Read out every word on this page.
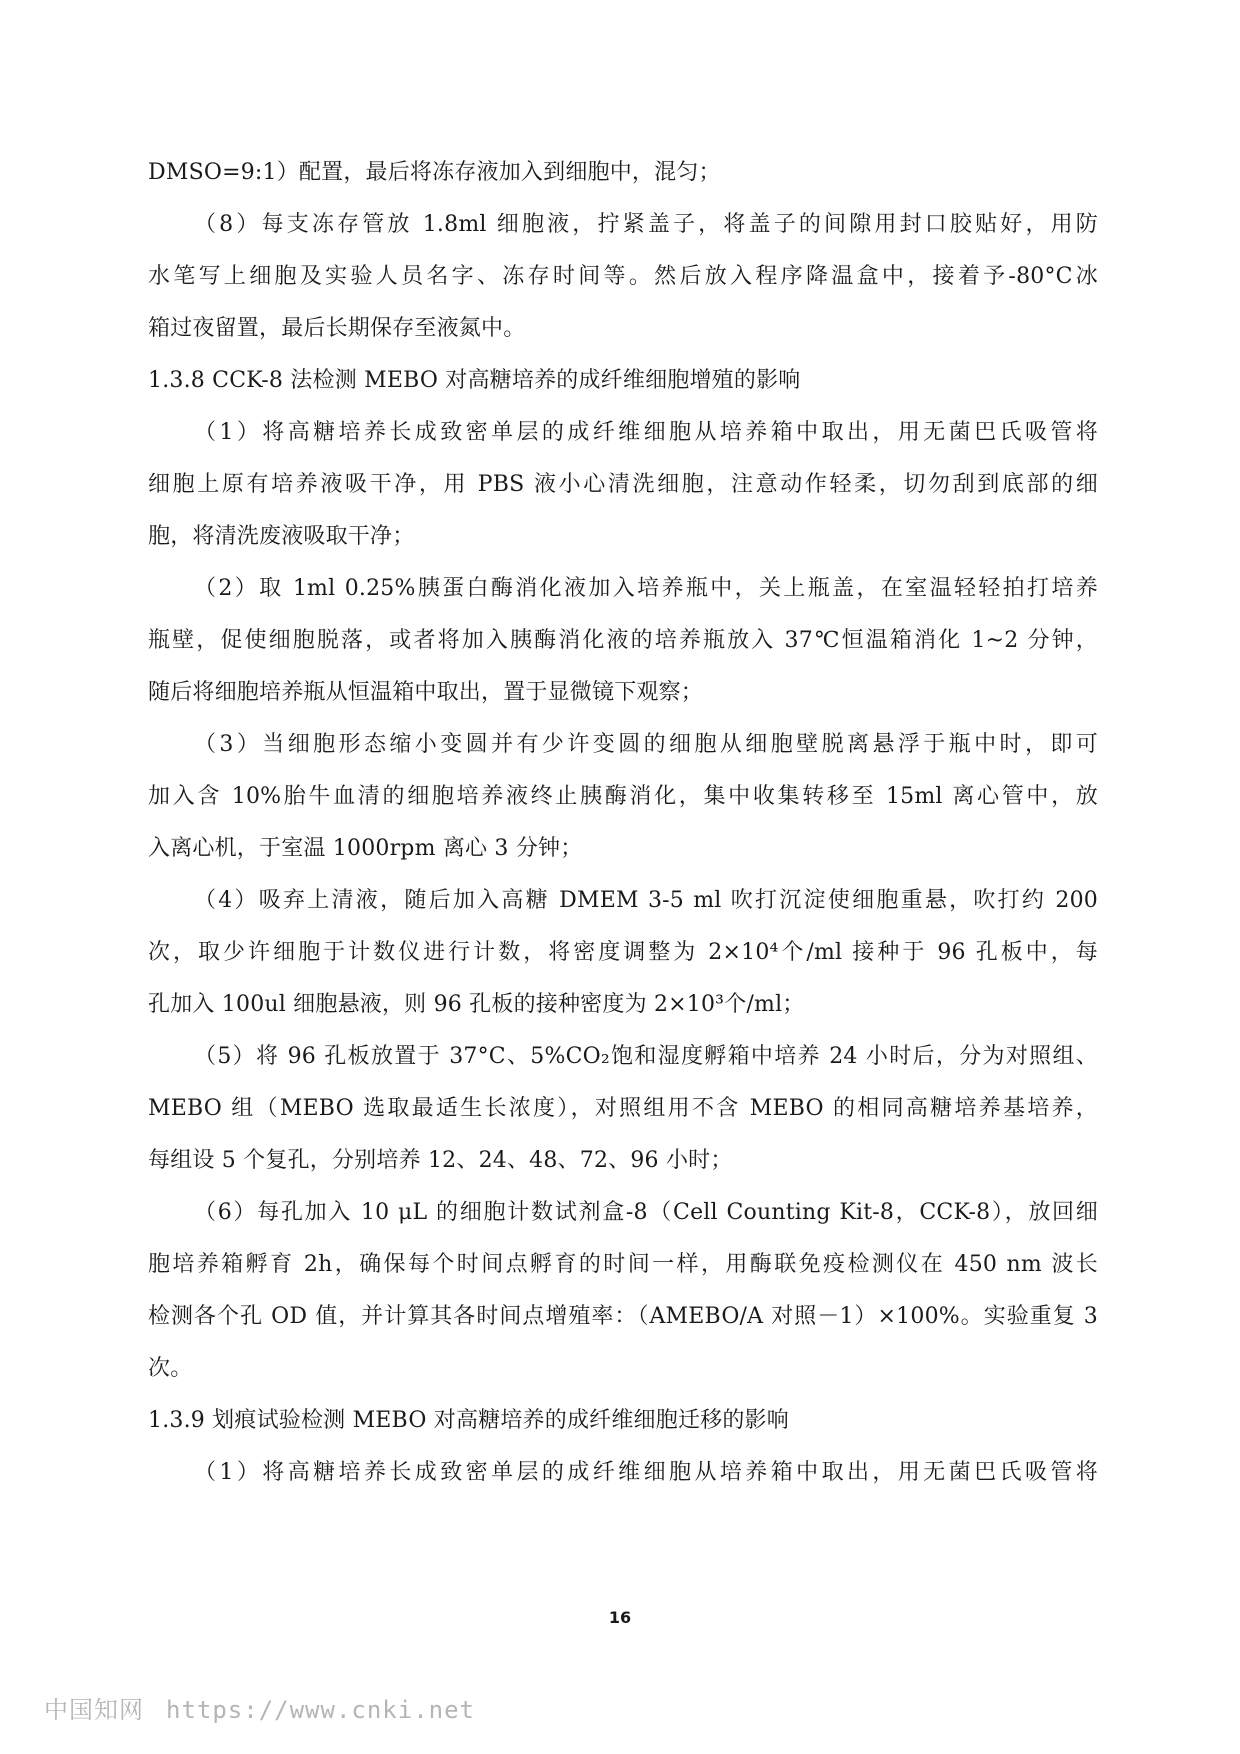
DMSO=9:1）配置，最后将冻存液加入到细胞中，混匀；
（8）每支冻存管放 1.8ml 细胞液，拧紧盖子，将盖子的间隙用封口胶贴好，用防
水笔写上细胞及实验人员名字、冻存时间等。然后放入程序降温盒中，接着予-80°C冰
箱过夜留置，最后长期保存至液氮中。
1.3.8 CCK-8 法检测 MEBO 对高糖培养的成纤维细胞增殖的影响
（1）将高糖培养长成致密单层的成纤维细胞从培养箱中取出，用无菌巴氏吸管将
细胞上原有培养液吸干净，用 PBS 液小心清洗细胞，注意动作轻柔，切勿刮到底部的细
胞，将清洗废液吸取干净；
（2）取 1ml 0.25%胰蛋白酶消化液加入培养瓶中，关上瓶盖，在室温轻轻拍打培养
瓶壁，促使细胞脱落，或者将加入胰酶消化液的培养瓶放入 37℃恒温箱消化 1~2 分钟，
随后将细胞培养瓶从恒温箱中取出，置于显微镜下观察；
（3）当细胞形态缩小变圆并有少许变圆的细胞从细胞壁脱离悬浮于瓶中时，即可
加入含 10%胎牛血清的细胞培养液终止胰酶消化，集中收集转移至 15ml 离心管中，放
入离心机，于室温 1000rpm 离心 3 分钟；
（4）吸弃上清液，随后加入高糖 DMEM 3-5 ml 吹打沉淀使细胞重悬，吹打约 200
次，取少许细胞于计数仪进行计数，将密度调整为 2×10⁴个/ml 接种于 96 孔板中，每
孔加入 100ul 细胞悬液，则 96 孔板的接种密度为 2×10³个/ml；
（5）将 96 孔板放置于 37°C、5%CO₂饱和湿度孵箱中培养 24 小时后，分为对照组、
MEBO 组（MEBO 选取最适生长浓度），对照组用不含 MEBO 的相同高糖培养基培养，
每组设 5 个复孔，分别培养 12、24、48、72、96 小时；
（6）每孔加入 10 μL 的细胞计数试剂盒-8（Cell Counting Kit-8，CCK-8），放回细
胞培养箱孵育 2h，确保每个时间点孵育的时间一样，用酶联免疫检测仪在 450 nm 波长
检测各个孔 OD 值，并计算其各时间点增殖率：（AMEBO/A 对照－1）×100%。实验重复 3
次。
1.3.9 划痕试验检测 MEBO 对高糖培养的成纤维细胞迁移的影响
（1）将高糖培养长成致密单层的成纤维细胞从培养箱中取出，用无菌巴氏吸管将
16
中国知网 https://www.cnki.net
